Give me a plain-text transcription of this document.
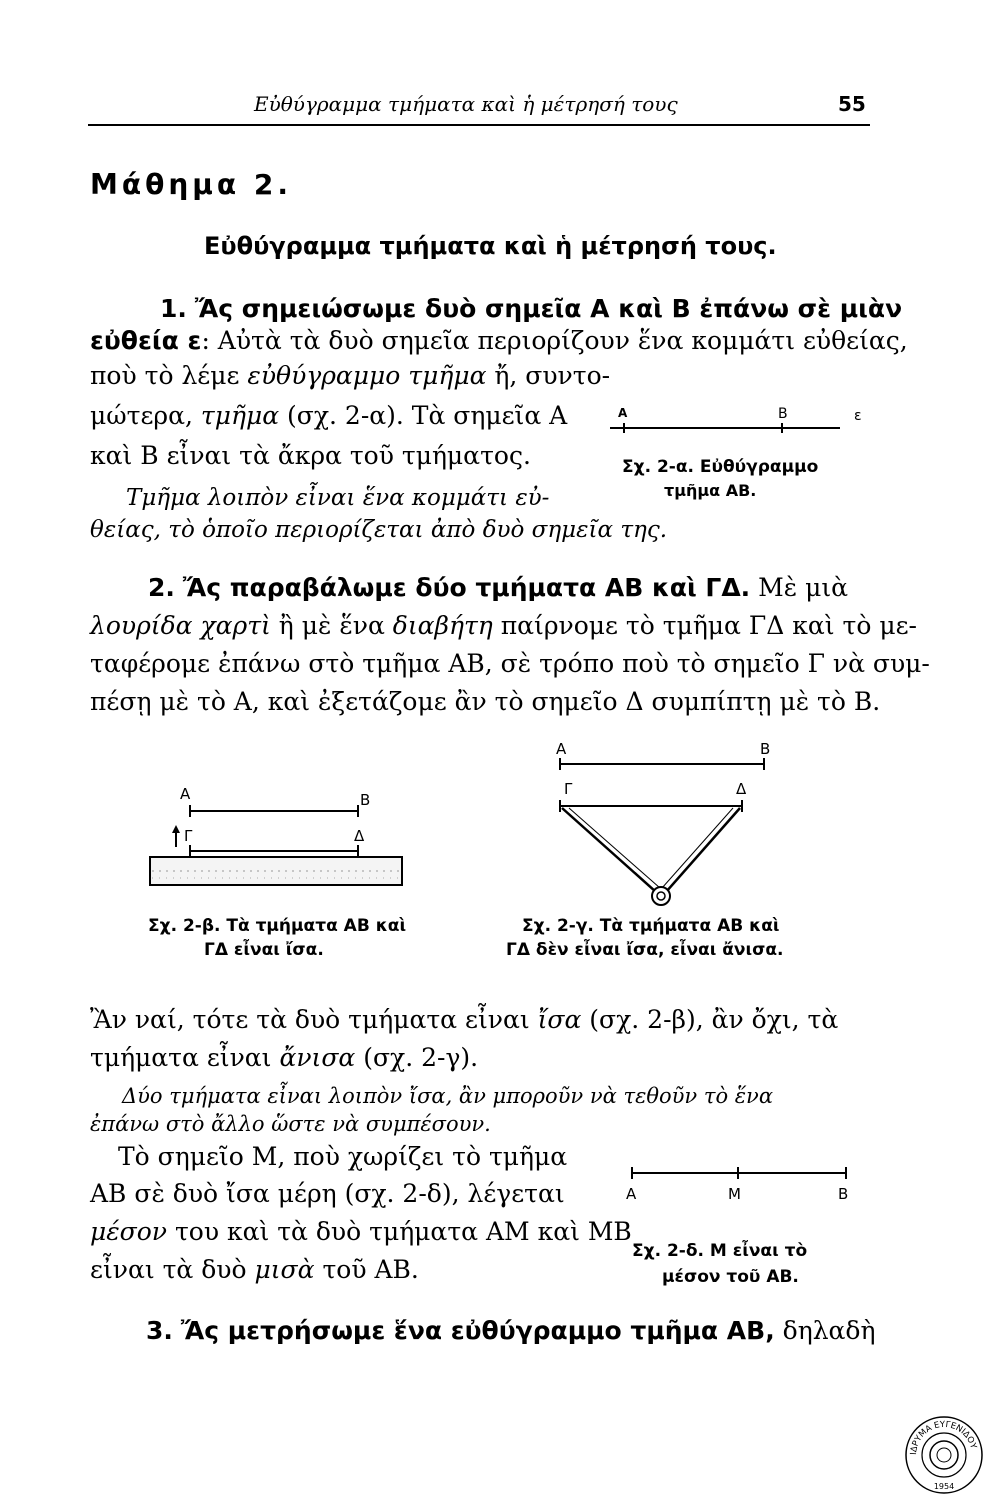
Εὐθύγραμμα τμήματα καὶ ἡ μέτρησή τους	55
Μάθημα 2.
Εὐθύγραμμα τμήματα καὶ ἡ μέτρησή τους.
1. Ἄς σημειώσωμε δυὸ σημεῖα Α καὶ Β ἐπάνω σὲ μιὰν
εὐθεία ε: Αὐτὰ τὰ δυὸ σημεῖα περιορίζουν ἕνα κομμάτι εὐθείας,
ποὺ τὸ λέμε εὐθύγραμμο τμῆμα ἤ, συντο-
μώτερα, τμῆμα (σχ. 2-α). Τὰ σημεῖα Α
καὶ Β εἶναι τὰ ἄκρα τοῦ τμήματος.
Τμῆμα λοιπὸν εἶναι ἕνα κομμάτι εὐ-
θείας, τὸ ὁποῖο περιορίζεται ἀπὸ δυὸ σημεῖα της.
A	B	ε
Σχ. 2-α. Εὐθύγραμμο
τμῆμα ΑΒ.
2. Ἄς παραβάλωμε δύο τμήματα ΑΒ καὶ ΓΔ. Μὲ μιὰ
λουρίδα χαρτὶ ἢ μὲ ἕνα διαβήτη παίρνομε τὸ τμῆμα ΓΔ καὶ τὸ με-
ταφέρομε ἐπάνω στὸ τμῆμα ΑΒ, σὲ τρόπο ποὺ τὸ σημεῖο Γ νὰ συμ-
πέσῃ μὲ τὸ Α, καὶ ἐξετάζομε ἂν τὸ σημεῖο Δ συμπίπτῃ μὲ τὸ Β.
A	B
Γ	Δ
Σχ. 2-β. Τὰ τμήματα ΑΒ καὶ
ΓΔ εἶναι ἴσα.
A	B
Γ	Δ
Σχ. 2-γ. Τὰ τμήματα ΑΒ καὶ
ΓΔ δὲν εἶναι ἴσα, εἶναι ἄνισα.
Ἂν ναί, τότε τὰ δυὸ τμήματα εἶναι ἴσα (σχ. 2-β), ἂν ὄχι, τὰ
τμήματα εἶναι ἄνισα (σχ. 2-γ).
Δύο τμήματα εἶναι λοιπὸν ἴσα, ἂν μποροῦν νὰ τεθοῦν τὸ ἕνα
ἐπάνω στὸ ἄλλο ὥστε νὰ συμπέσουν.
Τὸ σημεῖο Μ, ποὺ χωρίζει τὸ τμῆμα
ΑΒ σὲ δυὸ ἴσα μέρη (σχ. 2-δ), λέγεται
μέσον του καὶ τὰ δυὸ τμήματα ΑΜ καὶ ΜΒ
εἶναι τὰ δυὸ μισὰ τοῦ ΑΒ.
A	M	B
Σχ. 2-δ. Μ εἶναι τὸ
μέσον τοῦ ΑΒ.
3. Ἄς μετρήσωμε ἕνα εὐθύγραμμο τμῆμα ΑΒ, δηλαδὴ
ΙΔΡΥΜΑ ΕΥΓΕΝΙΔΟΥ
1954
